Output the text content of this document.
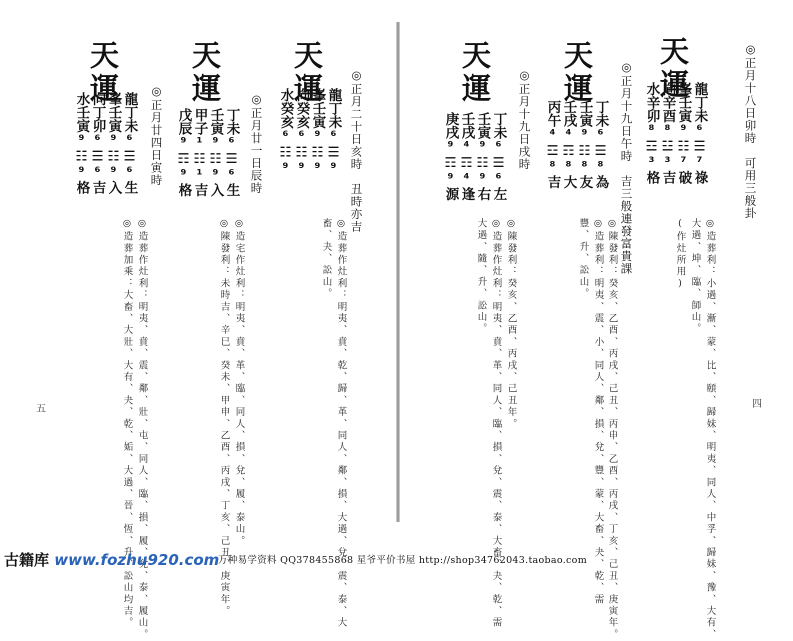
◎正月十八日卯時　可用三般卦
天運
龍丁未⁶☰⁷祿
峯壬寅⁹☷⁷破
向辛酉⁸☳³吉
水辛卯⁸☲³格
◎造葬利：小過、漸、蒙、比、頤、歸妹、明夷、同人、中孚、歸妹、豫、大有、
大過、坤、臨、師山。
(作灶所用)
◎正月十九日午時　吉三般連發富貴課
天運
丁未⁶☰⁸為
壬寅⁹☷⁸友
壬戌⁴☶⁸大
丙午⁴☲⁸吉
◎陳發利：癸亥、乙酉、丙戌、己丑、丙申、乙酉、丙戌、丁亥、己丑、庚寅年。
◎造葬利：明夷、震、小、同人、鄰、損、兌、豐、蒙、大畜、夬、乾、需
豐、升、訟山。
◎正月十九日戌時
天運
丁未⁶☰⁶左
壬寅⁹☷⁹右
壬戌⁴☶⁴逢
庚戌⁹☶⁹源
◎陳發利：癸亥、乙酉、丙戌、己丑年。
◎造葬作灶利：明夷、賁、革、同人、臨、損、兌、震、泰、大畜、夬、乾、需
大過、隨、升、訟山。
◎正月二十日亥時　丑時亦吉
天運
龍丁未⁶☰⁹
峯壬寅⁹☷⁹
向癸亥⁶☷⁹
水癸亥⁶☷⁹
◎造葬作灶利：明夷、賁、乾、歸、革、同人、鄰、損、大過、兌、震、泰、大
畜、夬、訟山。
◎正月廿一日辰時
天運
丁未⁶☰⁶生
壬寅⁹☷⁹入
甲子¹☷¹吉
戊辰⁹☶⁹格
◎造宅作灶利：明夷、賁、革、臨、同人、損、兌、履、泰山。
◎陳發利：未時吉、辛巳、癸未、甲申、乙酉、丙戌、丁亥、己丑、庚寅年。
◎正月廿四日寅時
天運
龍丁未⁶☰⁶生
峯壬寅⁹☷⁹入
向丁卯⁶☰⁶吉
水壬寅⁹☷⁹格
◎造葬加乘：大畜、大壯、大有、夬、乾、姤、大過、晉、恆、升、訟山均吉。 ◎造葬作灶利：明夷、賁、震、鄰、壯、屯、同人、臨、損、履、兌、泰、履山。	四
五
古籍库 www.fozhu920.com
万种易学资料 QQ378455868 星爷平价书屋 http://shop34762043.taobao.com
